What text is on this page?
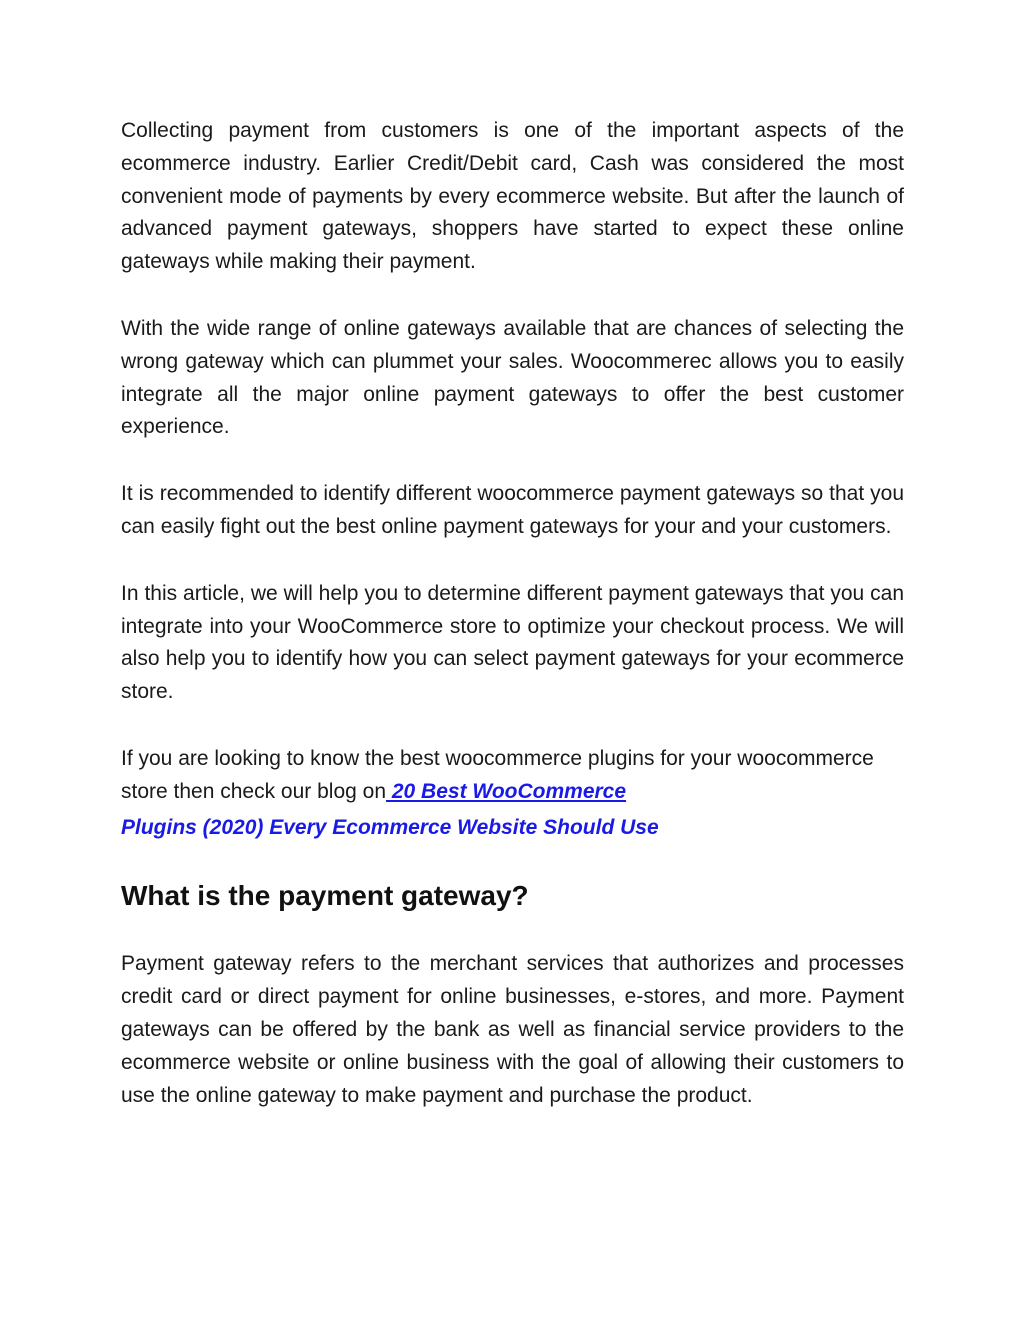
Collecting payment from customers is one of the important aspects of the ecommerce industry. Earlier Credit/Debit card, Cash was considered the most convenient mode of payments by every ecommerce website. But after the launch of advanced payment gateways, shoppers have started to expect these online gateways while making their payment.

With the wide range of online gateways available that are chances of selecting the wrong gateway which can plummet your sales. Woocommerec allows you to easily integrate all the major online payment gateways to offer the best customer experience.

It is recommended to identify different woocommerce payment gateways so that you can easily fight out the best online payment gateways for your and your customers.

In this article, we will help you to determine different payment gateways that you can integrate into your WooCommerce store to optimize your checkout process. We will also help you to identify how you can select payment gateways for your ecommerce store.

If you are looking to know the best woocommerce plugins for your woocommerce store then check our blog on 20 Best WooCommerce
Plugins (2020) Every Ecommerce Website Should Use

What is the payment gateway?

Payment gateway refers to the merchant services that authorizes and processes credit card or direct payment for online businesses, e-stores, and more. Payment gateways can be offered by the bank as well as financial service providers to the ecommerce website or online business with the goal of allowing their customers to use the online gateway to make payment and purchase the product.
